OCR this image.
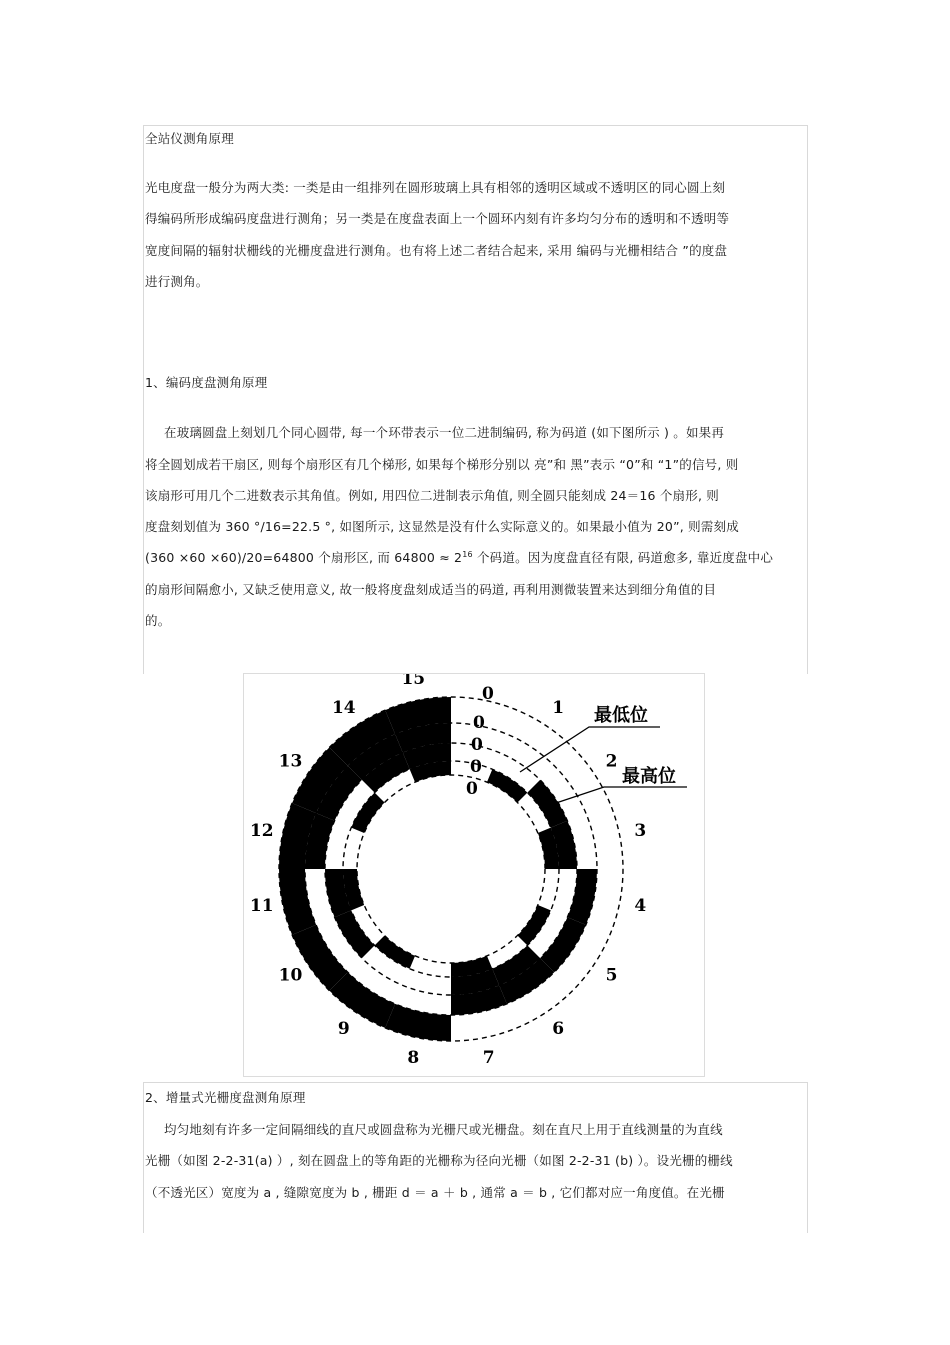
全站仪测角原理
光电度盘一般分为两大类: 一类是由一组排列在圆形玻璃上具有相邻的透明区域或不透明区的同心圆上刻
得编码所形成编码度盘进行测角；另一类是在度盘表面上一个圆环内刻有许多均匀分布的透明和不透明等
宽度间隔的辐射状栅线的光栅度盘进行测角。也有将上述二者结合起来, 采用 编码与光栅相结合 ”的度盘
进行测角。
1、编码度盘测角原理
在玻璃圆盘上刻划几个同心圆带, 每一个环带表示一位二进制编码, 称为码道 (如下图所示 ) 。如果再
将全圆划成若干扇区, 则每个扇形区有几个梯形, 如果每个梯形分别以 亮”和 黑”表示 “0”和 “1”的信号, 则
该扇形可用几个二进数表示其角值。例如, 用四位二进制表示角值, 则全圆只能刻成 24＝16 个扇形, 则
度盘刻划值为 360 °/16=22.5 °, 如图所示, 这显然是没有什么实际意义的。如果最小值为 20”, 则需刻成
(360 ×60 ×60)/20=64800 个扇形区, 而 $64800 \approx 2^{16}$ 个码道。因为度盘直径有限, 码道愈多, 靠近度盘中心
的扇形间隔愈小, 又缺乏使用意义, 故一般将度盘刻成适当的码道, 再利用测微装置来达到细分角值的目
的。
1
2
3
4
5
6
7
8
9
10
11
12
13
14
15
0
0
0
0
0
最低位
最高位
2、增量式光栅度盘测角原理
均匀地刻有许多一定间隔细线的直尺或圆盘称为光栅尺或光栅盘。刻在直尺上用于直线测量的为直线
光栅（如图 2-2-31(a) ）, 刻在圆盘上的等角距的光栅称为径向光栅（如图 2-2-31 (b) ）。设光栅的栅线
（不透光区）宽度为 a , 缝隙宽度为 b , 栅距 d ＝ a ＋ b , 通常 a ＝ b , 它们都对应一角度值。在光栅
